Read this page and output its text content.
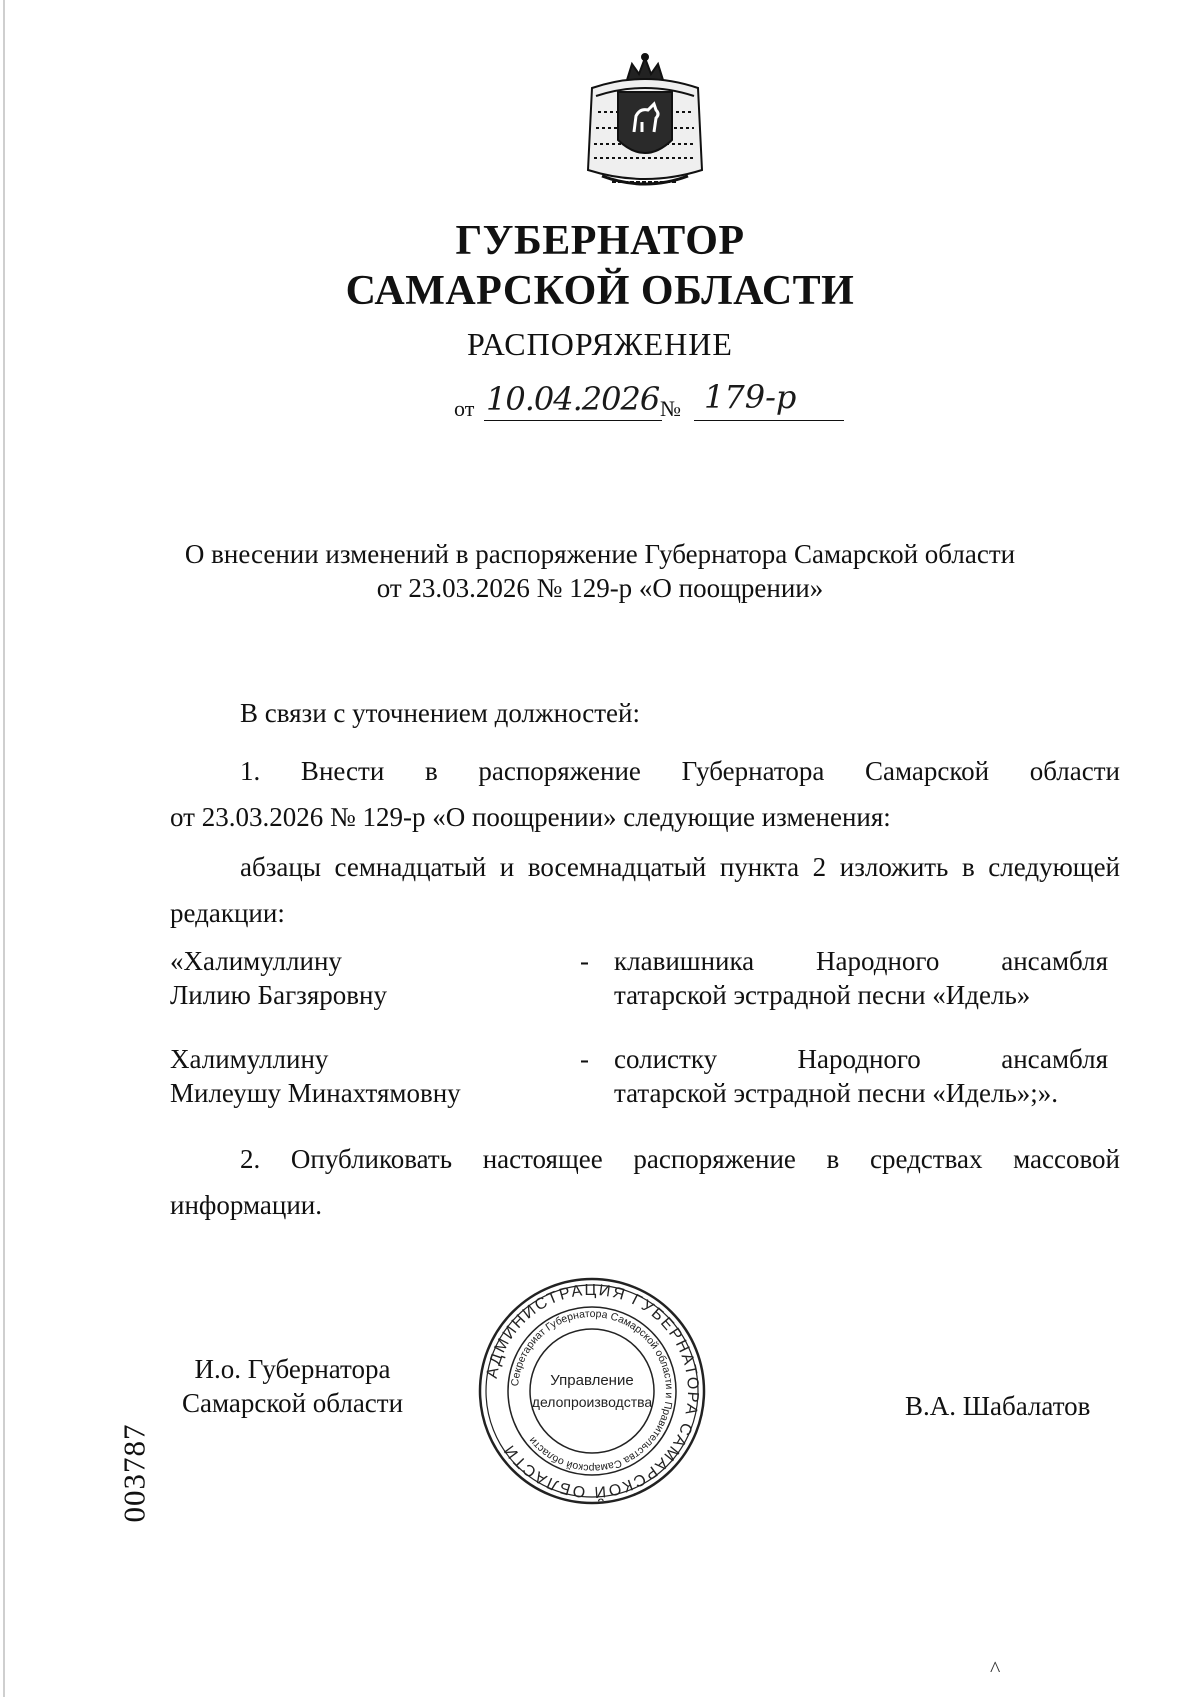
ГУБЕРНАТОР
САМАРСКОЙ ОБЛАСТИ
РАСПОРЯЖЕНИЕ
от 10.04.2026 № 179-р
О внесении изменений в распоряжение Губернатора Самарской области
от 23.03.2026 № 129-р «О поощрении»
В связи с уточнением должностей:
1. Внести в распоряжение Губернатора Самарской области
от 23.03.2026 № 129-р «О поощрении» следующие изменения:
абзацы семнадцатый и восемнадцатый пункта 2 изложить в следующей
редакции:
«Халимуллину
Лилию Багзяровну
- клавишника Народного ансамбля
татарской эстрадной песни «Идель»
Халимуллину
Милеушу Минахтямовну
- солистку Народного ансамбля
татарской эстрадной песни «Идель»;».
2. Опубликовать настоящее распоряжение в средствах массовой
информации.
И.о. Губернатора
Самарской области
АДМИНИСТРАЦИЯ ГУБЕРНАТОРА САМАРСКОЙ ОБЛАСТИ
Секретариат Губернатора Самарской области и Правительства Самарской области
Управление
делопроизводства	В.А. Шабалатов
003787
^
